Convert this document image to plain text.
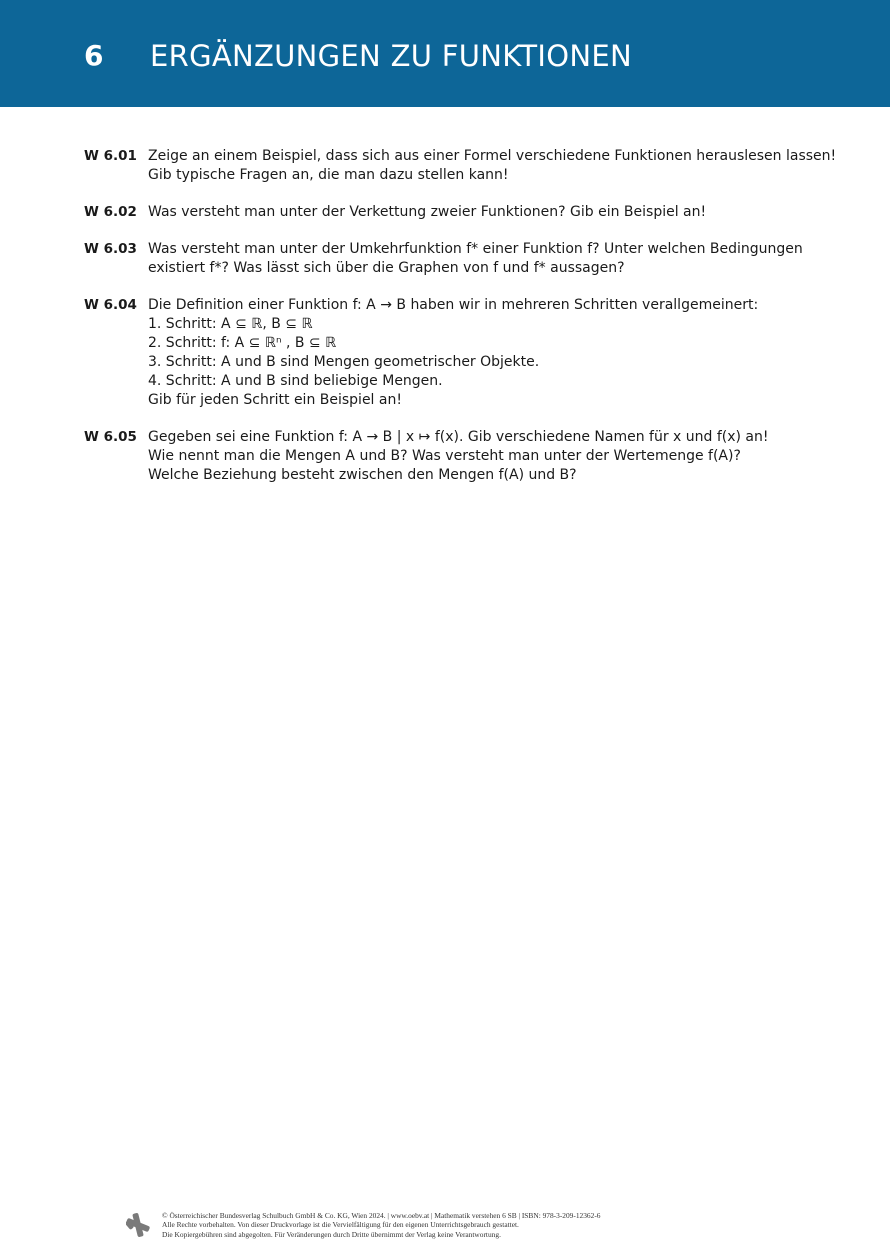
6 ERGÄNZUNGEN ZU FUNKTIONEN
W 6.01 Zeige an einem Beispiel, dass sich aus einer Formel verschiedene Funktionen herauslesen lassen!
Gib typische Fragen an, die man dazu stellen kann!
W 6.02 Was versteht man unter der Verkettung zweier Funktionen? Gib ein Beispiel an!
W 6.03 Was versteht man unter der Umkehrfunktion f* einer Funktion f? Unter welchen Bedingungen
existiert f*? Was lässt sich über die Graphen von f und f* aussagen?
W 6.04 Die Definition einer Funktion f: A → B haben wir in mehreren Schritten verallgemeinert:
1. Schritt: A ⊆ ℝ, B ⊆ ℝ
2. Schritt: f: A ⊆ ℝⁿ , B ⊆ ℝ
3. Schritt: A und B sind Mengen geometrischer Objekte.
4. Schritt: A und B sind beliebige Mengen.
Gib für jeden Schritt ein Beispiel an!
W 6.05 Gegeben sei eine Funktion f: A → B | x ↦ f(x). Gib verschiedene Namen für x und f(x) an!
Wie nennt man die Mengen A und B? Was versteht man unter der Wertemenge f(A)?
Welche Beziehung besteht zwischen den Mengen f(A) und B?
© Österreichischer Bundesverlag Schulbuch GmbH & Co. KG, Wien 2024. | www.oebv.at | Mathematik verstehen 6 SB | ISBN: 978-3-209-12362-6
Alle Rechte vorbehalten. Von dieser Druckvorlage ist die Vervielfältigung für den eigenen Unterrichtsgebrauch gestattet.
Die Kopiergebühren sind abgegolten. Für Veränderungen durch Dritte übernimmt der Verlag keine Verantwortung.
